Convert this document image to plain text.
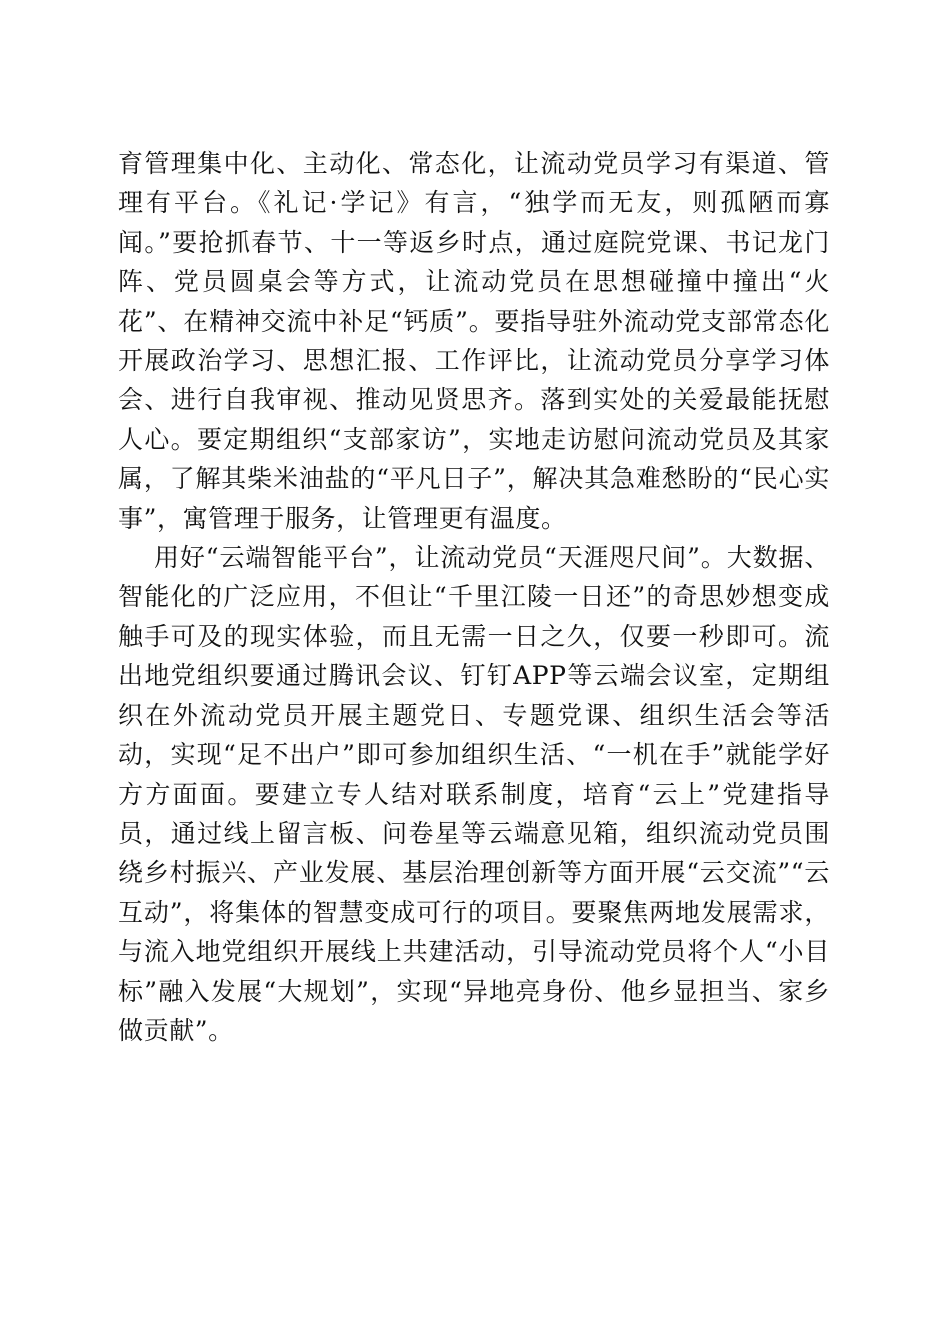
育管理集中化、主动化、常态化，让流动党员学习有渠道、管理有平台。《礼记·学记》有言，“独学而无友，则孤陋而寡闻。”要抢抓春节、十一等返乡时点，通过庭院党课、书记龙门阵、党员圆桌会等方式，让流动党员在思想碰撞中撞出“火花”、在精神交流中补足“钙质”。要指导驻外流动党支部常态化开展政治学习、思想汇报、工作评比，让流动党员分享学习体会、进行自我审视、推动见贤思齐。落到实处的关爱最能抚慰人心。要定期组织“支部家访”，实地走访慰问流动党员及其家属，了解其柴米油盐的“平凡日子”，解决其急难愁盼的“民心实事”，寓管理于服务，让管理更有温度。

用好“云端智能平台”，让流动党员“天涯咫尺间”。大数据、智能化的广泛应用，不但让“千里江陵一日还”的奇思妙想变成触手可及的现实体验，而且无需一日之久，仅要一秒即可。流出地党组织要通过腾讯会议、钉钉APP等云端会议室，定期组织在外流动党员开展主题党日、专题党课、组织生活会等活动，实现“足不出户”即可参加组织生活、“一机在手”就能学好方方面面。要建立专人结对联系制度，培育“云上”党建指导员，通过线上留言板、问卷星等云端意见箱，组织流动党员围绕乡村振兴、产业发展、基层治理创新等方面开展“云交流”“云互动”，将集体的智慧变成可行的项目。要聚焦两地发展需求，与流入地党组织开展线上共建活动，引导流动党员将个人“小目标”融入发展“大规划”，实现“异地亮身份、他乡显担当、家乡做贡献”。
